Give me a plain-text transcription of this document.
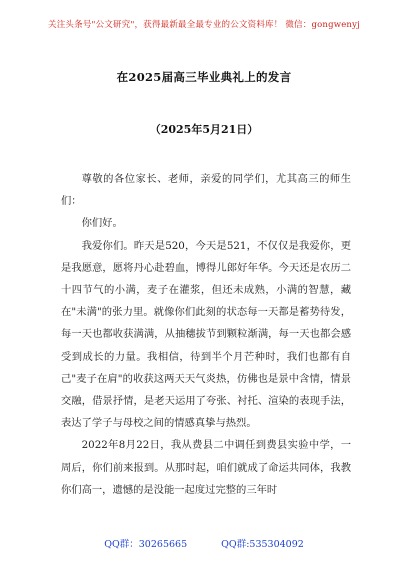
关注头条号"公文研究"，获得最新最全最专业的公文资料库！ 微信：gongwenyj
在2025届高三毕业典礼上的发言
（2025年5月21日）

尊敬的各位家长、老师，亲爱的同学们，尤其高三的师生们：

你们好。

我爱你们。昨天是520，今天是521，不仅仅是我爱你，更是我愿意，愿将丹心赴碧血，博得儿郎好年华。今天还是农历二十四节气的小满，麦子在灌浆，但还未成熟，小满的智慧，藏在"未满"的张力里。就像你们此刻的状态每一天都是蓄势待发，每一天也都收获满满，从抽穗拔节到颗粒渐满，每一天也都会感受到成长的力量。我相信，待到半个月芒种时，我们也都有自己"麦子在肩"的收获这两天天气炎热，仿佛也是景中含情，情景交融，借景抒情，是老天运用了夸张、衬托、渲染的表现手法，表达了学子与母校之间的情感真挚与热烈。

2022年8月22日，我从费县二中调任到费县实验中学，一周后，你们前来报到。从那时起，咱们就成了命运共同体，我教你们高一，遗憾的是没能一起度过完整的三年时

QQ群：30265665	QQ群:535304092
